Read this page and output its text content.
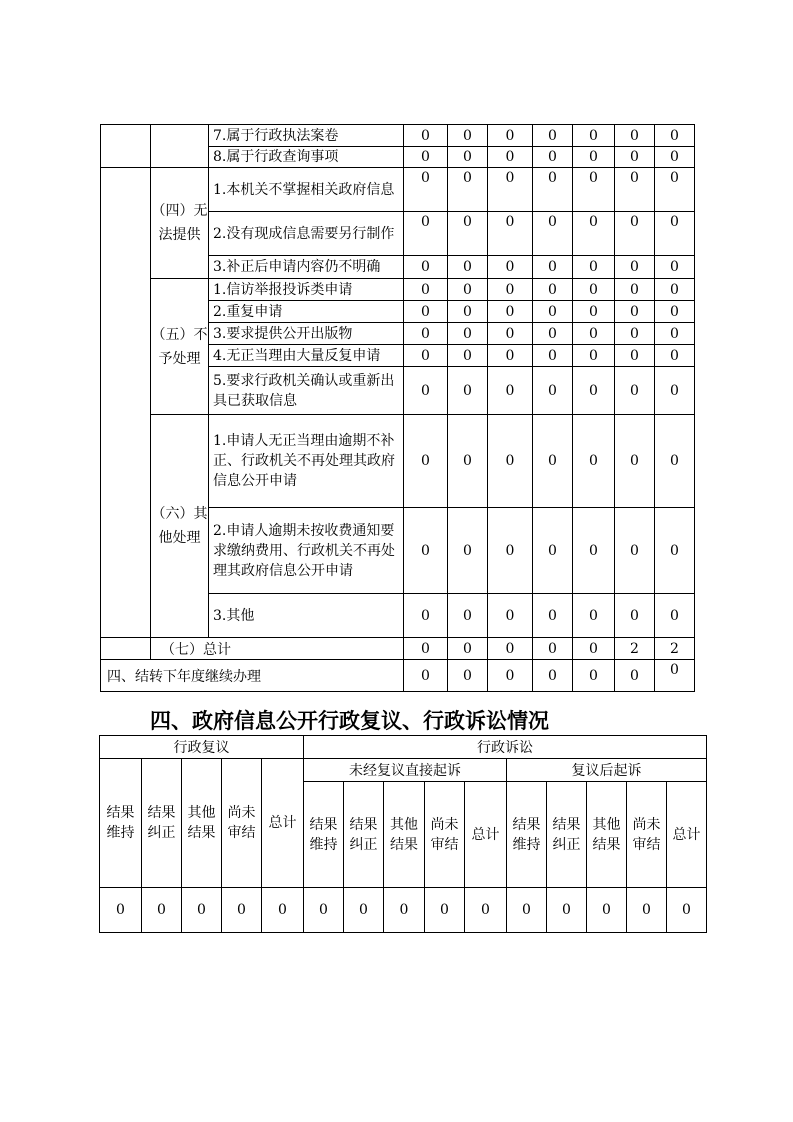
		7.属于行政执法案卷	0	0	0	0	0	0	0
		8.属于行政查询事项	0	0	0	0	0	0	0
	（四）无法提供	1.本机关不掌握相关政府信息	0	0	0	0	0	0	0
		2.没有现成信息需要另行制作	0	0	0	0	0	0	0
		3.补正后申请内容仍不明确	0	0	0	0	0	0	0
	（五）不予处理	1.信访举报投诉类申请	0	0	0	0	0	0	0
		2.重复申请	0	0	0	0	0	0	0
		3.要求提供公开出版物	0	0	0	0	0	0	0
		4.无正当理由大量反复申请	0	0	0	0	0	0	0
		5.要求行政机关确认或重新出具已获取信息	0	0	0	0	0	0	0
	（六）其他处理	1.申请人无正当理由逾期不补正、行政机关不再处理其政府信息公开申请	0	0	0	0	0	0	0
		2.申请人逾期未按收费通知要求缴纳费用、行政机关不再处理其政府信息公开申请	0	0	0	0	0	0	0
		3.其他	0	0	0	0	0	0	0
	（七）总计		0	0	0	0	0	2	2
四、结转下年度继续办理			0	0	0	0	0	0	0
四、政府信息公开行政复议、行政诉讼情况
行政复议					行政诉讼									
结果维持	结果纠正	其他结果	尚未审结	总计	未经复议直接起诉					复议后起诉				
					结果维持	结果纠正	其他结果	尚未审结	总计	结果维持	结果纠正	其他结果	尚未审结	总计
0	0	0	0	0	0	0	0	0	0	0	0	0	0	0
